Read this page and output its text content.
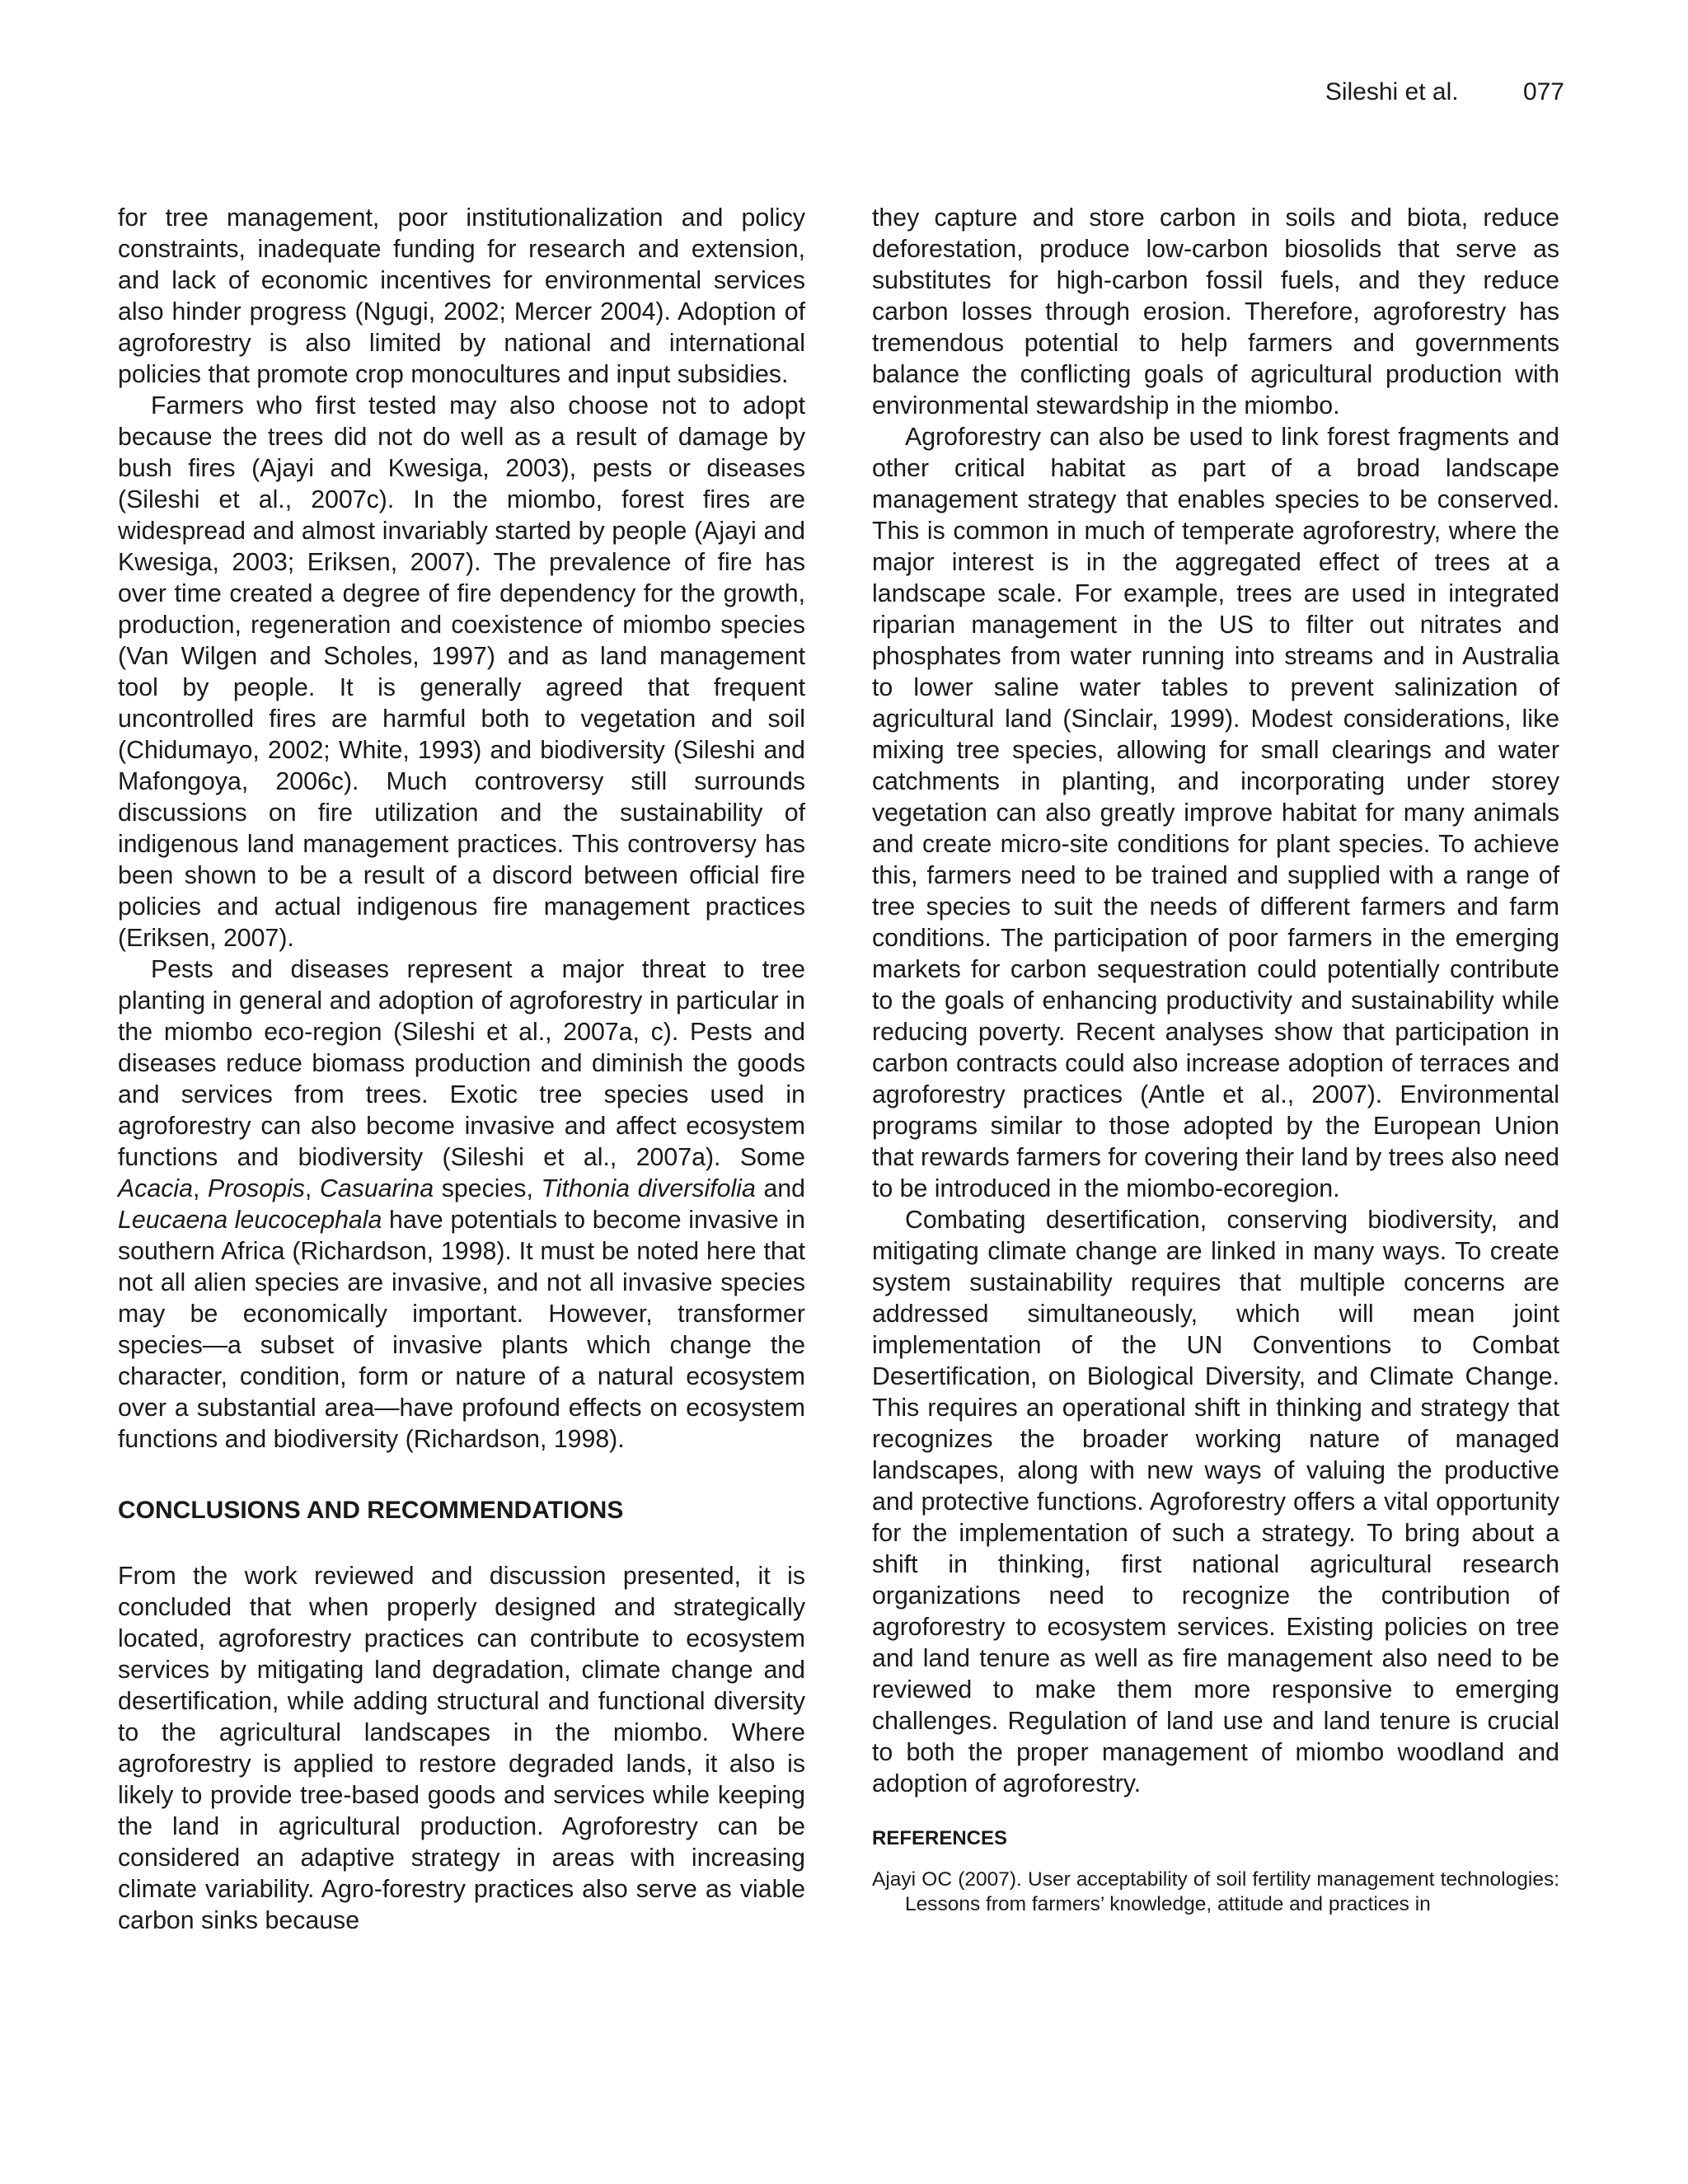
Sileshi et al.	077

for tree management, poor institutionalization and policy constraints, inadequate funding for research and extension, and lack of economic incentives for environmental services also hinder progress (Ngugi, 2002; Mercer 2004). Adoption of agroforestry is also limited by national and international policies that promote crop monocultures and input subsidies.

Farmers who first tested may also choose not to adopt because the trees did not do well as a result of damage by bush fires (Ajayi and Kwesiga, 2003), pests or diseases (Sileshi et al., 2007c). In the miombo, forest fires are widespread and almost invariably started by people (Ajayi and Kwesiga, 2003; Eriksen, 2007). The prevalence of fire has over time created a degree of fire dependency for the growth, production, regeneration and coexistence of miombo species (Van Wilgen and Scholes, 1997) and as land management tool by people. It is generally agreed that frequent uncontrolled fires are harmful both to vegetation and soil (Chidumayo, 2002; White, 1993) and biodiversity (Sileshi and Mafongoya, 2006c). Much controversy still surrounds discussions on fire utilization and the sustainability of indigenous land management practices. This controversy has been shown to be a result of a discord between official fire policies and actual indigenous fire management practices (Eriksen, 2007).

Pests and diseases represent a major threat to tree planting in general and adoption of agroforestry in particular in the miombo eco-region (Sileshi et al., 2007a, c). Pests and diseases reduce biomass production and diminish the goods and services from trees. Exotic tree species used in agroforestry can also become invasive and affect ecosystem functions and biodiversity (Sileshi et al., 2007a). Some Acacia, Prosopis, Casuarina species, Tithonia diversifolia and Leucaena leucocephala have potentials to become invasive in southern Africa (Richardson, 1998). It must be noted here that not all alien species are invasive, and not all invasive species may be economically important. However, transformer species—a subset of invasive plants which change the character, condition, form or nature of a natural ecosystem over a substantial area—have profound effects on ecosystem functions and biodiversity (Richardson, 1998).

CONCLUSIONS AND RECOMMENDATIONS

From the work reviewed and discussion presented, it is concluded that when properly designed and strategically located, agroforestry practices can contribute to ecosystem services by mitigating land degradation, climate change and desertification, while adding structural and functional diversity to the agricultural landscapes in the miombo. Where agroforestry is applied to restore degraded lands, it also is likely to provide tree-based goods and services while keeping the land in agricultural production. Agroforestry can be considered an adaptive strategy in areas with increasing climate variability. Agro-forestry practices also serve as viable carbon sinks because

they capture and store carbon in soils and biota, reduce deforestation, produce low-carbon biosolids that serve as substitutes for high-carbon fossil fuels, and they reduce carbon losses through erosion. Therefore, agroforestry has tremendous potential to help farmers and governments balance the conflicting goals of agricultural production with environmental stewardship in the miombo.

Agroforestry can also be used to link forest fragments and other critical habitat as part of a broad landscape management strategy that enables species to be conserved. This is common in much of temperate agroforestry, where the major interest is in the aggregated effect of trees at a landscape scale. For example, trees are used in integrated riparian management in the US to filter out nitrates and phosphates from water running into streams and in Australia to lower saline water tables to prevent salinization of agricultural land (Sinclair, 1999). Modest considerations, like mixing tree species, allowing for small clearings and water catchments in planting, and incorporating under storey vegetation can also greatly improve habitat for many animals and create micro-site conditions for plant species. To achieve this, farmers need to be trained and supplied with a range of tree species to suit the needs of different farmers and farm conditions. The participation of poor farmers in the emerging markets for carbon sequestration could potentially contribute to the goals of enhancing productivity and sustainability while reducing poverty. Recent analyses show that participation in carbon contracts could also increase adoption of terraces and agroforestry practices (Antle et al., 2007). Environmental programs similar to those adopted by the European Union that rewards farmers for covering their land by trees also need to be introduced in the miombo-ecoregion.

Combating desertification, conserving biodiversity, and mitigating climate change are linked in many ways. To create system sustainability requires that multiple concerns are addressed simultaneously, which will mean joint implementation of the UN Conventions to Combat Desertification, on Biological Diversity, and Climate Change. This requires an operational shift in thinking and strategy that recognizes the broader working nature of managed landscapes, along with new ways of valuing the productive and protective functions. Agroforestry offers a vital opportunity for the implementation of such a strategy. To bring about a shift in thinking, first national agricultural research organizations need to recognize the contribution of agroforestry to ecosystem services. Existing policies on tree and land tenure as well as fire management also need to be reviewed to make them more responsive to emerging challenges. Regulation of land use and land tenure is crucial to both the proper management of miombo woodland and adoption of agroforestry.

REFERENCES
Ajayi OC (2007). User acceptability of soil fertility management technologies: Lessons from farmers’ knowledge, attitude and practices in
